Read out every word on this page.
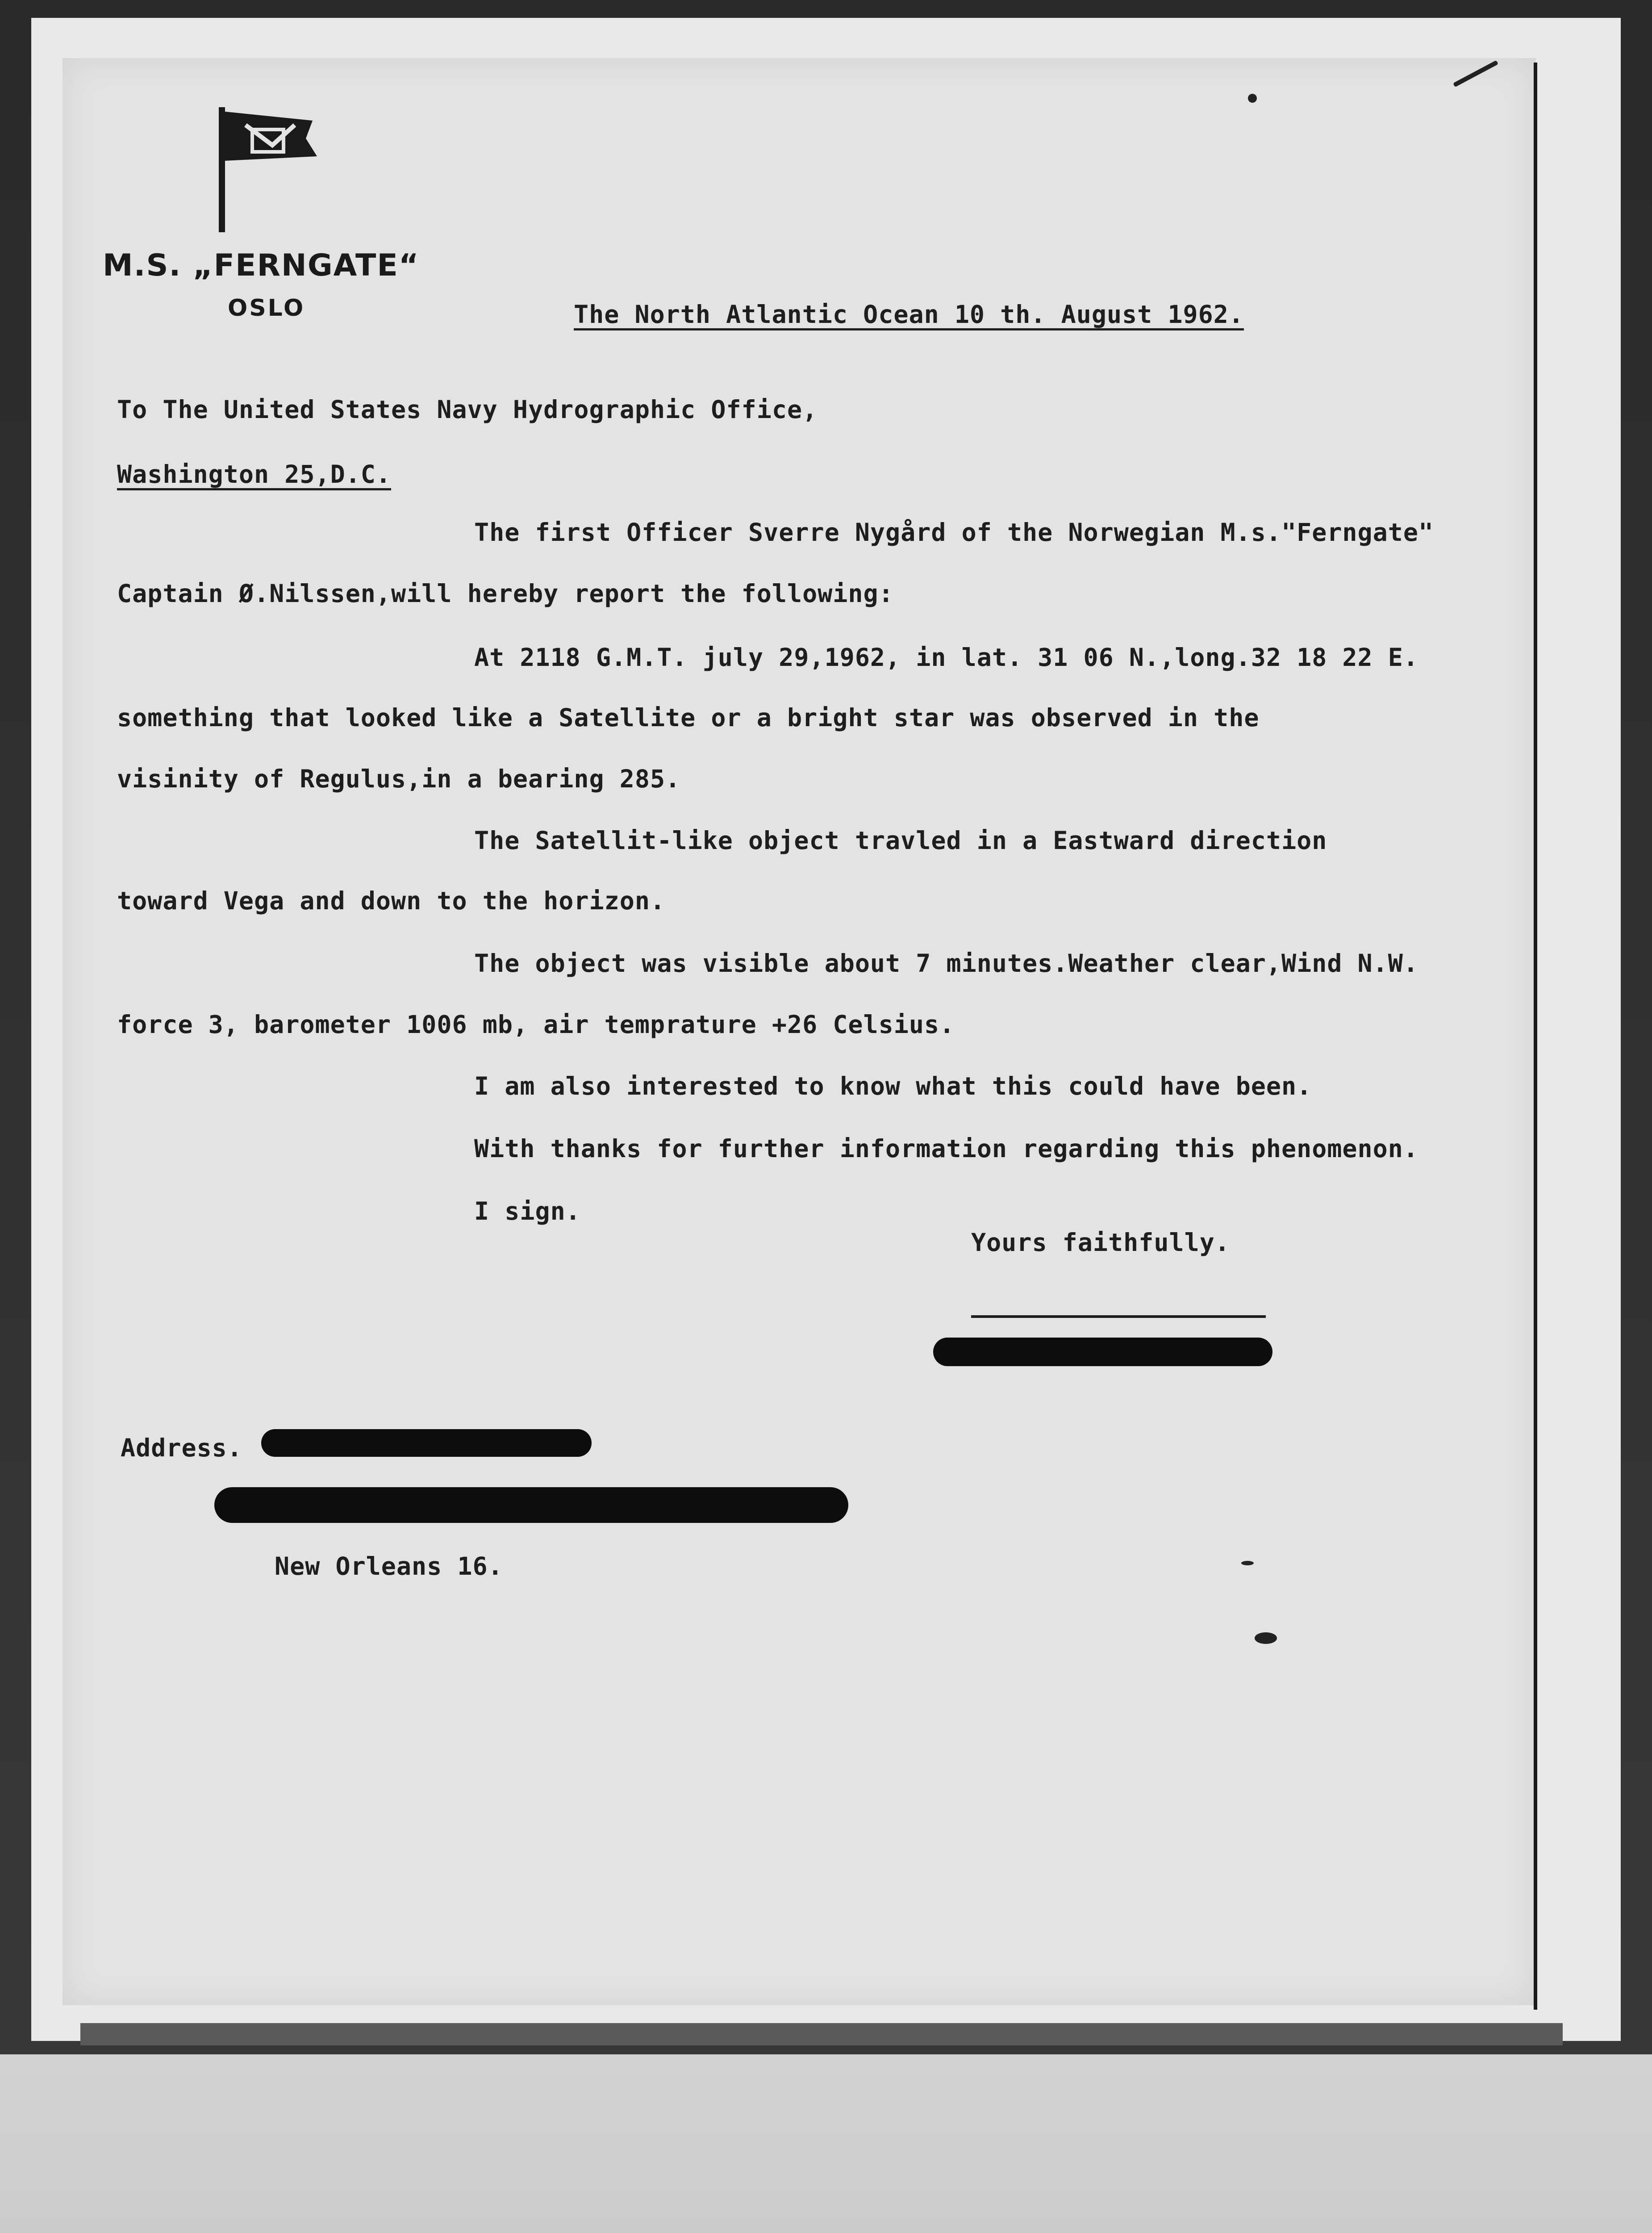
M.S. „FERNGATE“
OSLO	The North Atlantic Ocean 10 th. August 1962.
To The United States Navy Hydrographic Office,
Washington 25,D.C.
The first Officer Sverre Nygård of the Norwegian M.s."Ferngate"
Captain Ø.Nilssen,will hereby report the following:
At 2118 G.M.T. july 29,1962, in lat. 31 06 N.,long.32 18 22 E.
something that looked like a Satellite or a bright star was observed in the
visinity of Regulus,in a bearing 285.
The Satellit-like object travled in a Eastward direction
toward Vega and down to the horizon.
The object was visible about 7 minutes.Weather clear,Wind N.W.
force 3, barometer 1006 mb, air temprature +26 Celsius.
I am also interested to know what this could have been.
With thanks for further information regarding this phenomenon.
I sign.
Yours faithfully.
Address.
New Orleans 16.
